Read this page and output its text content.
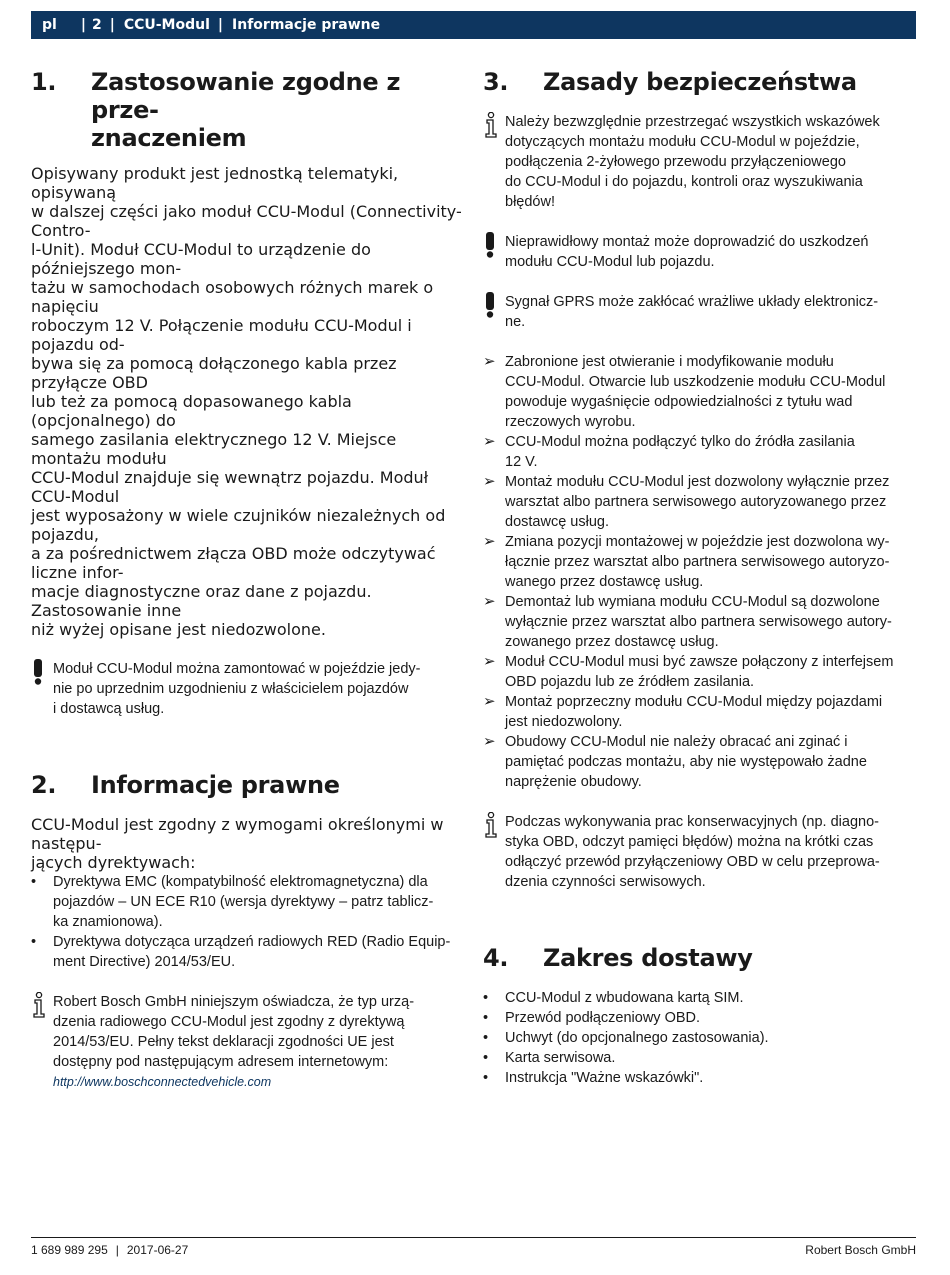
pl | 2 | CCU-Modul | Informacje prawne
1.	Zastosowanie zgodne z prze-
znaczeniem
Opisywany produkt jest jednostką telematyki, opisywaną
w dalszej części jako moduł CCU-Modul (Connectivity-Contro-
l-Unit). Moduł CCU-Modul to urządzenie do późniejszego mon-
tażu w samochodach osobowych różnych marek o napięciu
roboczym 12 V. Połączenie modułu CCU-Modul i pojazdu od-
bywa się za pomocą dołączonego kabla przez przyłącze OBD
lub też za pomocą dopasowanego kabla (opcjonalnego) do
samego zasilania elektrycznego 12 V. Miejsce montażu modułu
CCU-Modul znajduje się wewnątrz pojazdu. Moduł CCU-Modul
jest wyposażony w wiele czujników niezależnych od pojazdu,
a za pośrednictwem złącza OBD może odczytywać liczne infor-
macje diagnostyczne oraz dane z pojazdu. Zastosowanie inne
niż wyżej opisane jest niedozwolone.
Moduł CCU-Modul można zamontować w pojeździe jedy-
nie po uprzednim uzgodnieniu z właścicielem pojazdów
i dostawcą usług.
2.	Informacje prawne
CCU-Modul jest zgodny z wymogami określonymi w następu-
jących dyrektywach:
•	Dyrektywa EMC (kompatybilność elektromagnetyczna) dla
pojazdów – UN ECE R10 (wersja dyrektywy – patrz tablicz-
ka znamionowa).
•	Dyrektywa dotycząca urządzeń radiowych RED (Radio Equip-
ment Directive) 2014/53/EU.
Robert Bosch GmbH niniejszym oświadcza, że typ urzą-
dzenia radiowego CCU-Modul jest zgodny z dyrektywą
2014/53/EU. Pełny tekst deklaracji zgodności UE jest
dostępny pod następującym adresem internetowym:
http://www.boschconnectedvehicle.com
3.	Zasady bezpieczeństwa
Należy bezwzględnie przestrzegać wszystkich wskazówek
dotyczących montażu modułu CCU-Modul w pojeździe,
podłączenia 2-żyłowego przewodu przyłączeniowego
do CCU-Modul i do pojazdu, kontroli oraz wyszukiwania
błędów!
Nieprawidłowy montaż może doprowadzić do uszkodzeń
modułu CCU-Modul lub pojazdu.
Sygnał GPRS może zakłócać wrażliwe układy elektronicz-
ne.
➢ Zabronione jest otwieranie i modyfikowanie modułu
CCU-Modul. Otwarcie lub uszkodzenie modułu CCU-Modul
powoduje wygaśnięcie odpowiedzialności z tytułu wad
rzeczowych wyrobu.
➢ CCU-Modul można podłączyć tylko do źródła zasilania
12 V.
➢ Montaż modułu CCU-Modul jest dozwolony wyłącznie przez
warsztat albo partnera serwisowego autoryzowanego przez
dostawcę usług.
➢ Zmiana pozycji montażowej w pojeździe jest dozwolona wy-
łącznie przez warsztat albo partnera serwisowego autoryzo-
wanego przez dostawcę usług.
➢ Demontaż lub wymiana modułu CCU-Modul są dozwolone
wyłącznie przez warsztat albo partnera serwisowego autory-
zowanego przez dostawcę usług.
➢ Moduł CCU-Modul musi być zawsze połączony z interfejsem
OBD pojazdu lub ze źródłem zasilania.
➢ Montaż poprzeczny modułu CCU-Modul między pojazdami
jest niedozwolony.
➢ Obudowy CCU-Modul nie należy obracać ani zginać i
pamiętać podczas montażu, aby nie występowało żadne
naprężenie obudowy.
Podczas wykonywania prac konserwacyjnych (np. diagno-
styka OBD, odczyt pamięci błędów) można na krótki czas
odłączyć przewód przyłączeniowy OBD w celu przeprowa-
dzenia czynności serwisowych.
4.	Zakres dostawy
•	CCU-Modul z wbudowana kartą SIM.
•	Przewód podłączeniowy OBD.
•	Uchwyt (do opcjonalnego zastosowania).
•	Karta serwisowa.
•	Instrukcja "Ważne wskazówki".
1 689 989 295 | 2017-06-27	Robert Bosch GmbH
